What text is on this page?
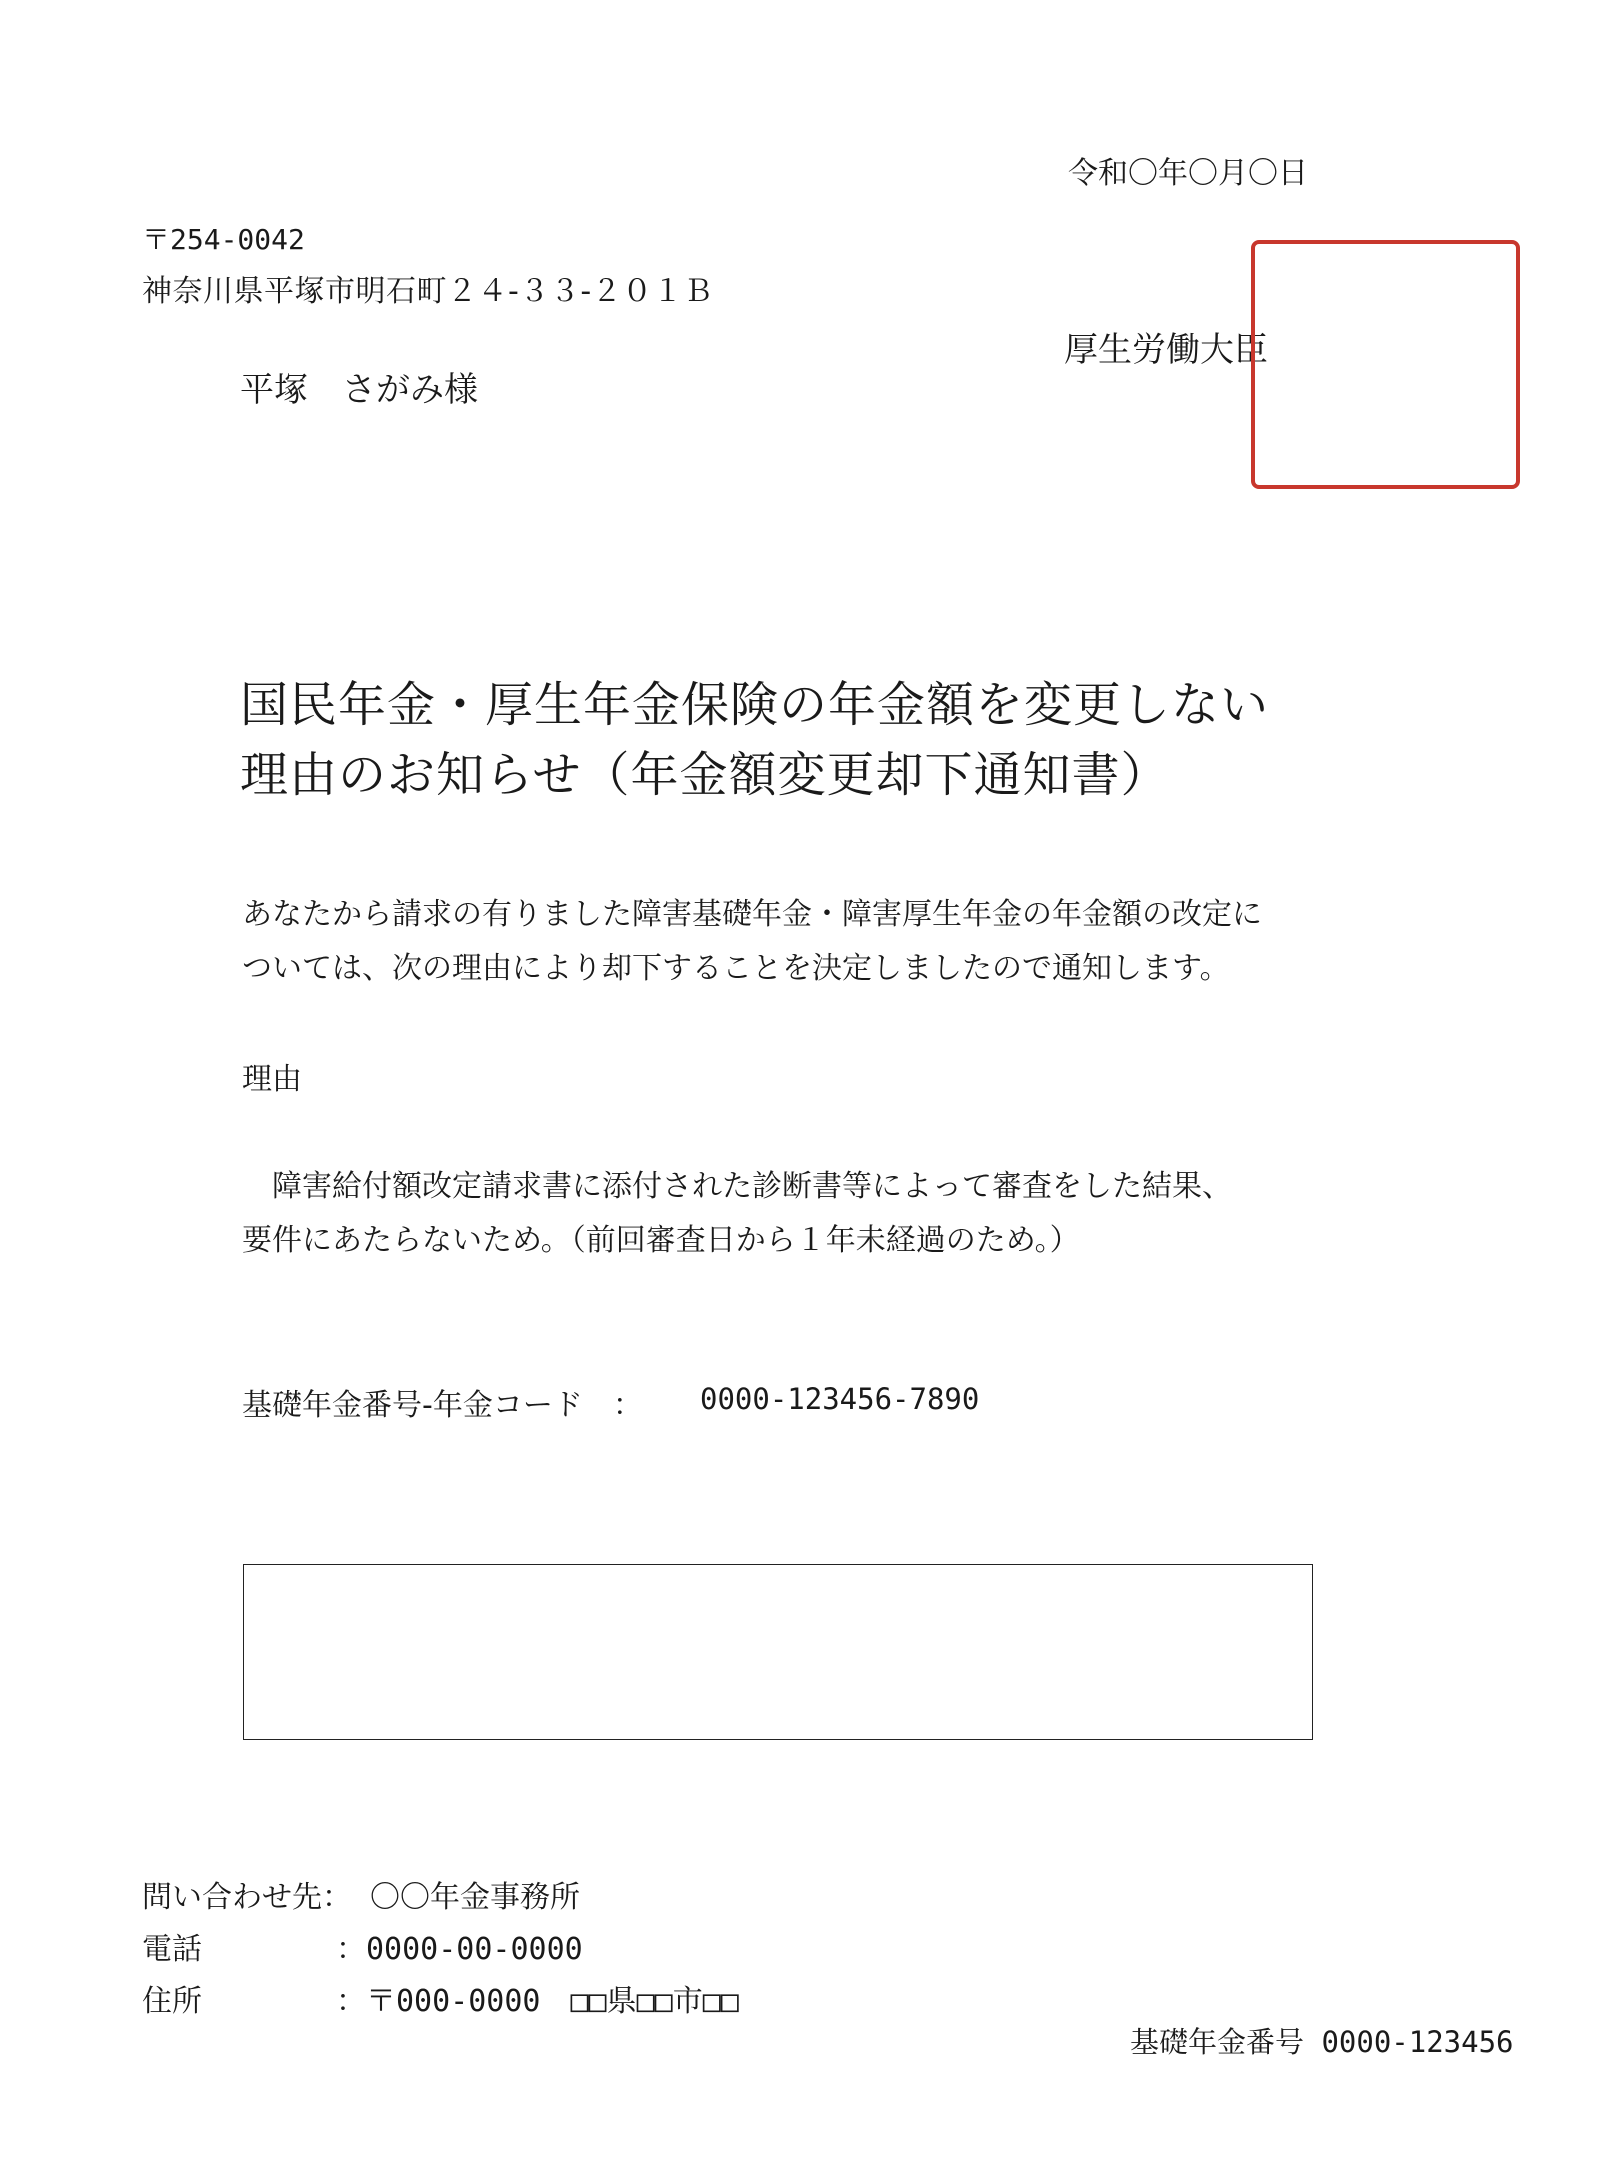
令和〇年〇月〇日
〒254-0042
神奈川県平塚市明石町２４-３３-２０１Ｂ
平塚　さがみ様
厚生労働大臣
国民年金・厚生年金保険の年金額を変更しない
理由のお知らせ（年金額変更却下通知書）
あなたから請求の有りました障害基礎年金・障害厚生年金の年金額の改定に
ついては、次の理由により却下することを決定しましたので通知します。
理由
　障害給付額改定請求書に添付された診断書等によって審査をした結果、
要件にあたらないため。（前回審査日から１年未経過のため。）
基礎年金番号-年金コード　： 0000-123456-7890
問い合わせ先： 〇〇年金事務所
電話	：0000-00-0000
住所	：〒000-0000　□□県□□市□□
基礎年金番号 0000-123456
